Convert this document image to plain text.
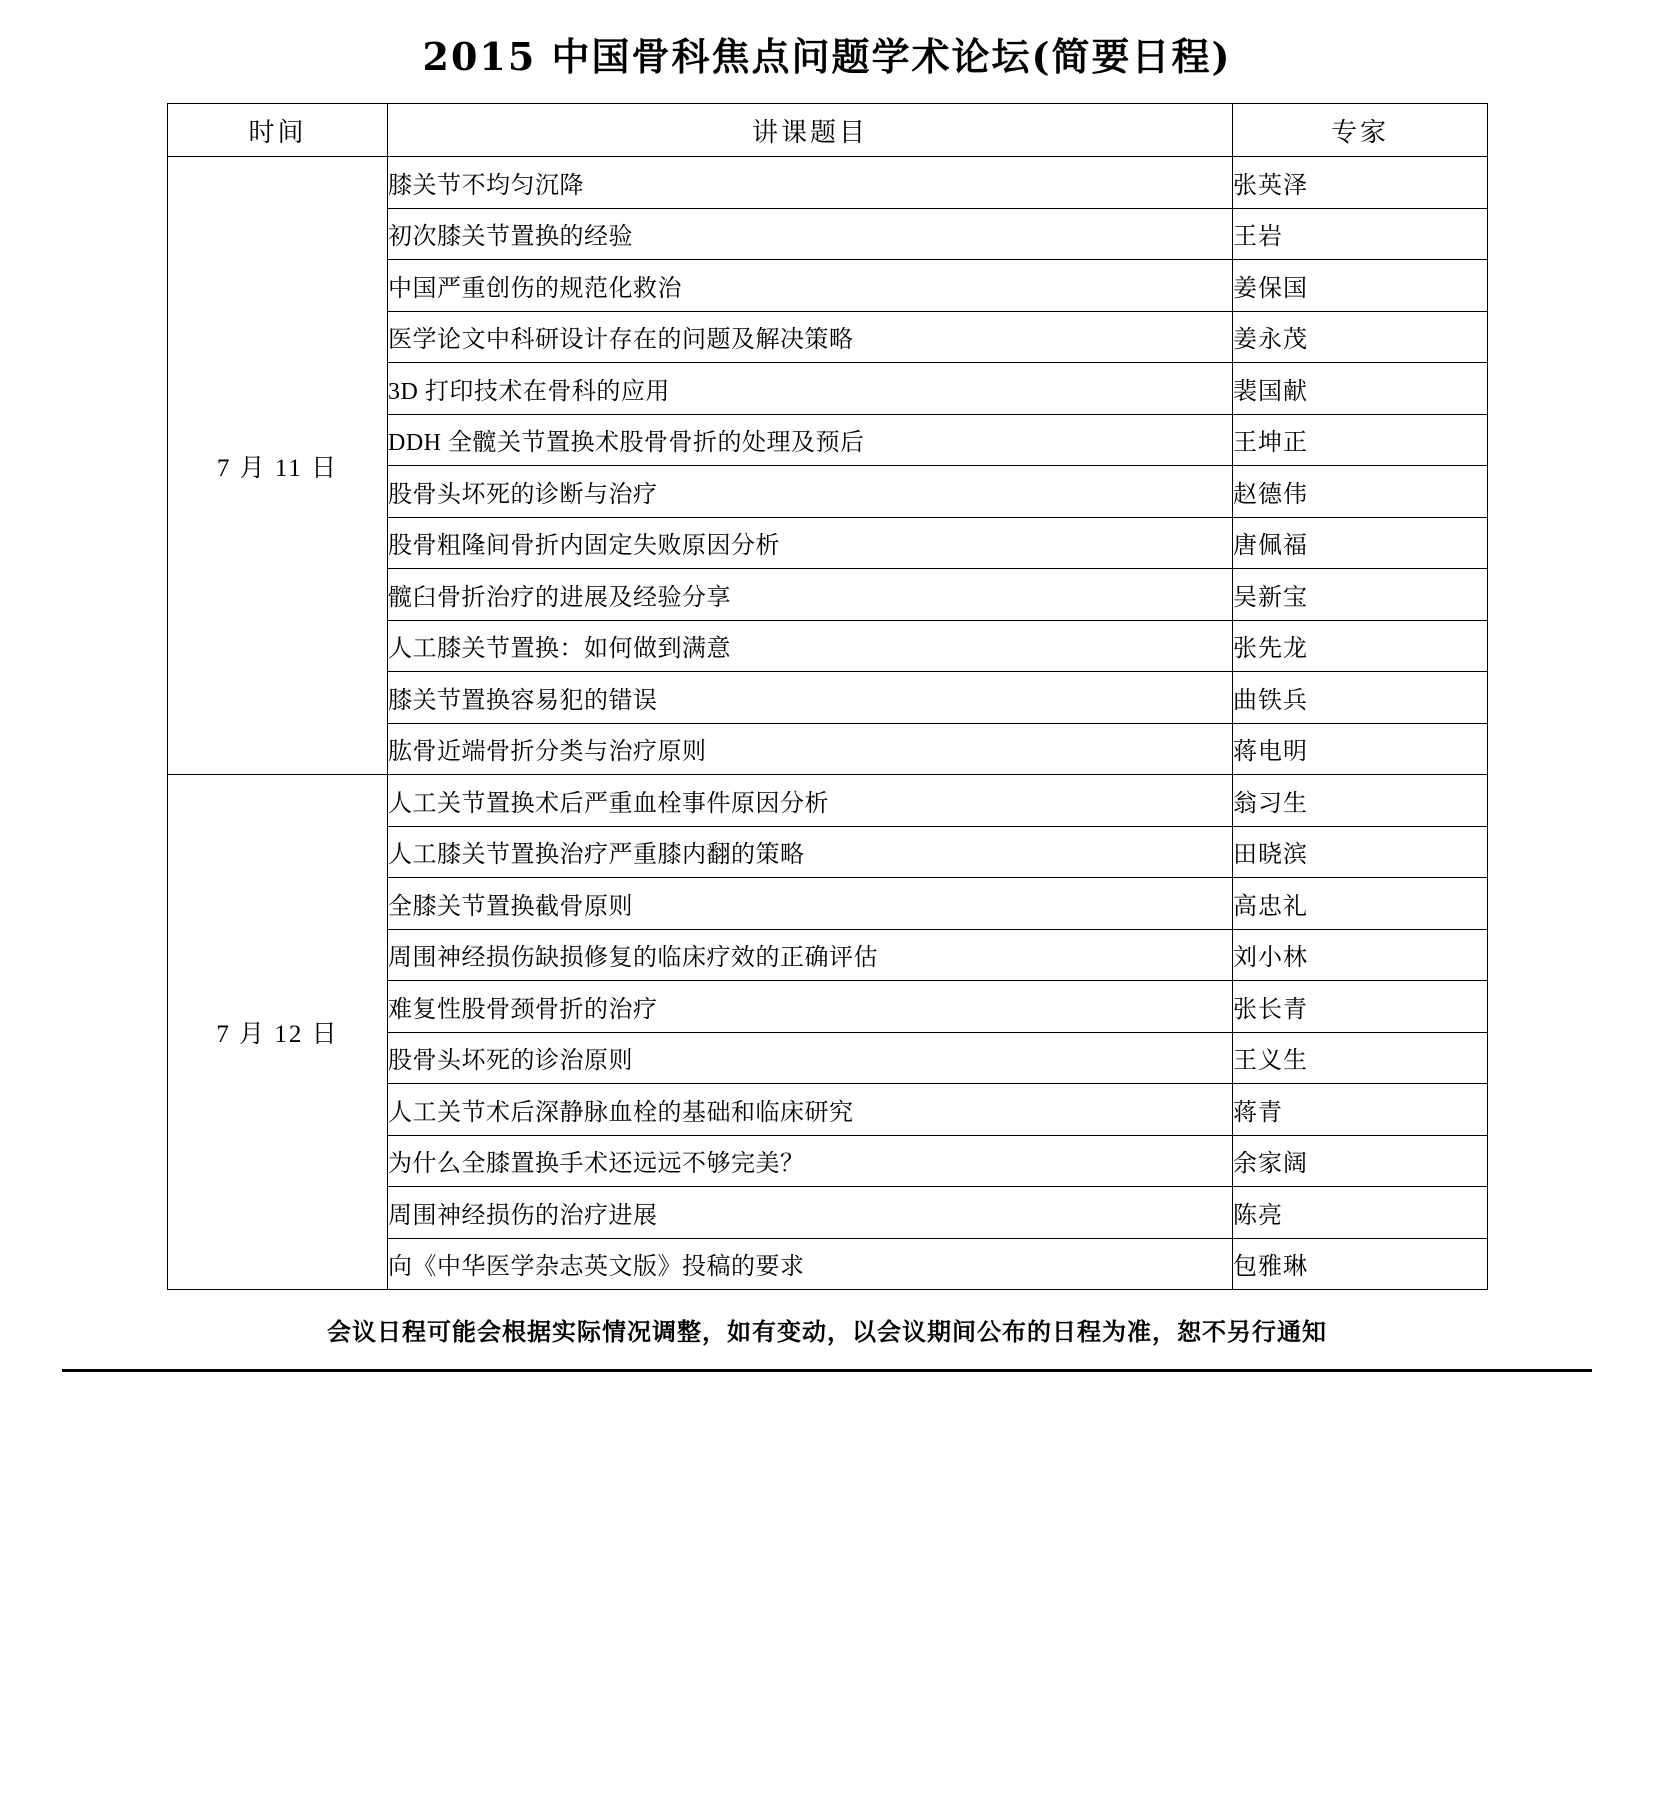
2015 中国骨科焦点问题学术论坛(简要日程)
时间	讲课题目	专家
7 月 11 日	膝关节不均匀沉降	张英泽
	初次膝关节置换的经验	王岩
	中国严重创伤的规范化救治	姜保国
	医学论文中科研设计存在的问题及解决策略	姜永茂
	3D 打印技术在骨科的应用	裴国献
	DDH 全髋关节置换术股骨骨折的处理及预后	王坤正
	股骨头坏死的诊断与治疗	赵德伟
	股骨粗隆间骨折内固定失败原因分析	唐佩福
	髋臼骨折治疗的进展及经验分享	吴新宝
	人工膝关节置换：如何做到满意	张先龙
	膝关节置换容易犯的错误	曲铁兵
	肱骨近端骨折分类与治疗原则	蒋电明
7 月 12 日	人工关节置换术后严重血栓事件原因分析	翁习生
	人工膝关节置换治疗严重膝内翻的策略	田晓滨
	全膝关节置换截骨原则	高忠礼
	周围神经损伤缺损修复的临床疗效的正确评估	刘小林
	难复性股骨颈骨折的治疗	张长青
	股骨头坏死的诊治原则	王义生
	人工关节术后深静脉血栓的基础和临床研究	蒋青
	为什么全膝置换手术还远远不够完美？	余家阔
	周围神经损伤的治疗进展	陈亮
	向《中华医学杂志英文版》投稿的要求	包雅琳
会议日程可能会根据实际情况调整，如有变动，以会议期间公布的日程为准，恕不另行通知
